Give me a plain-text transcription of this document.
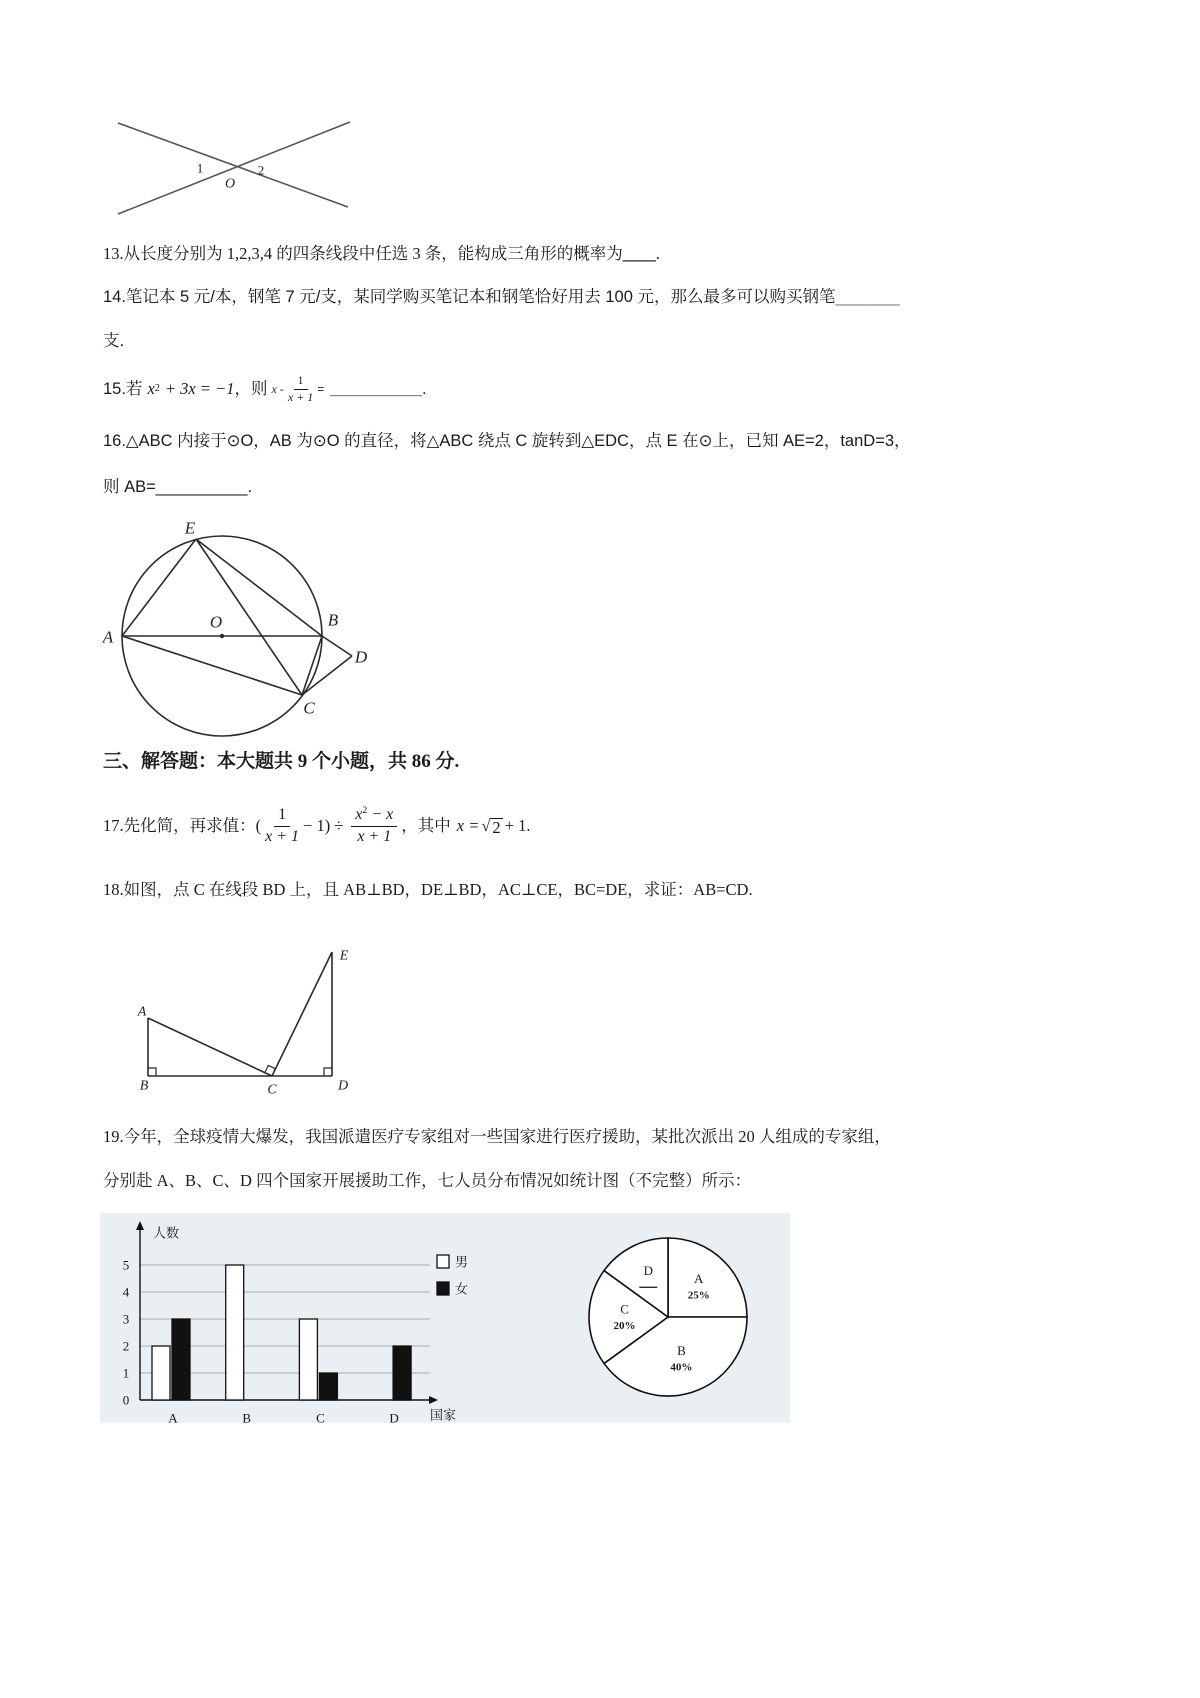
1	2
O
13.从长度分别为 1,2,3,4 的四条线段中任选 3 条，能构成三角形的概率为____.
14.笔记本 5 元/本，钢笔 7 元/支，某同学购买笔记本和钢笔恰好用去 100 元，那么最多可以购买钢笔_______
支.
15.若 x 2 + 3x = −1 ，则 x - $\frac{1}{x + 1}$ = __________ .
16.△ABC 内接于⊙O，AB 为⊙O 的直径，将△ABC 绕点 C 旋转到△EDC，点 E 在⊙上，已知 AE=2，tanD=3，
则 AB=__________.
E
O	B
A
D
C
三、解答题：本大题共 9 个小题，共 86 分.
17.先化简，再求值： ( $\frac{1}{x + 1} - 1) \div \frac{x^2 - x}{x + 1}$ ，其中 x = √ 2 + 1 .
18.如图，点 C 在线段 BD 上，且 AB⊥BD，DE⊥BD，AC⊥CE，BC=DE，求证：AB=CD.
A
B	C	D
E
19.今年，全球疫情大爆发，我国派遣医疗专家组对一些国家进行医疗援助，某批次派出 20 人组成的专家组，
分别赴 A、B、C、D 四个国家开展援助工作，七人员分布情况如统计图（不完整）所示：
0
1
2
3
4
5
人数
国家
A	B	C	D
男
女
A
25%
B
40%
C
20%
D
